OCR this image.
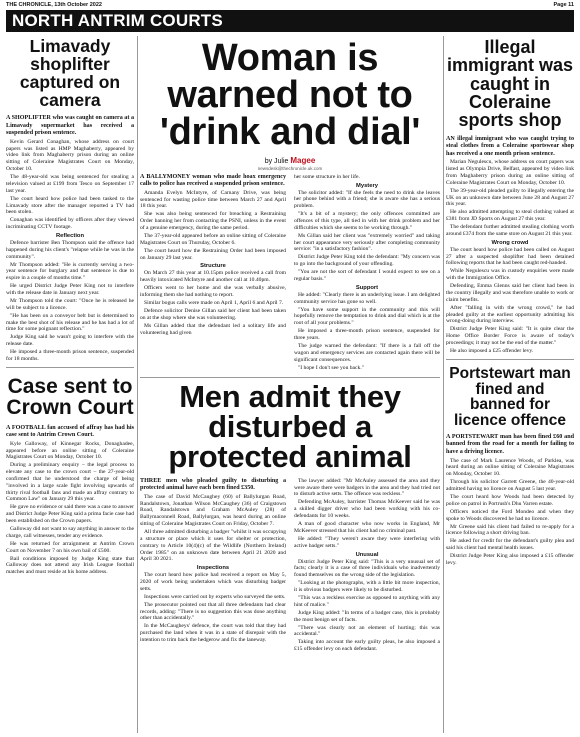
THE CHRONICLE, 13th October 2022	Page 11
NORTH ANTRIM COURTS
Limavady shoplifter captured on camera

A SHOPLIFTER who was caught on camera at a Limavady supermarket has received a suspended prison sentence.

Kevin Gerard Conaghan, whose address on court papers was listed as HMP Maghaberry, appeared by video link from Maghaberry prison during an online sitting of Coleraine Magistrates Court on Monday, October 10.

The 48-year-old was being sentenced for stealing a television valued at £199 from Tesco on September 17 last year.

The court heard how police had been tasked to the Limavady store after the manager reported a TV had been stolen.

Conaghan was identified by officers after they viewed incriminating CCTV footage.

Reflection

Defence barrister Ben Thompson said the offence had happened during his client's "relapse while he was in the community".

Mr Thompson added: "He is currently serving a two-year sentence for burglary and that sentence is due to expire in a couple of months time."

He urged District Judge Peter King not to interfere with the release date in January next year.

Mr Thompson told the court: "Once he is released he will be subject to a licence.

"He has been on a conveyor belt but is determined to make the best shot of his release and he has had a lot of time for some poignant reflection."

Judge King said he wasn't going to interfere with the release date.

He imposed a three-month prison sentence, suspended for 18 months.

Case sent to Crown Court

A FOOTBALL fan accused of affray has had his case sent to Antrim Crown Court.

Kyle Galloway, of Kinnegar Rocks, Donaghadee, appeared before an online sitting of Coleraine Magistrates Court on Monday, October 10.

During a preliminary enquiry – the legal process to elevate any case to the crown court – the 27-year-old confirmed that he understood the charge of being "involved in a large scale fight involving upwards of thirty rival football fans and made an affray contrary to Common Law" on January 29 this year.

He gave no evidence or said there was a case to answer and District Judge Peter King said a prima facie case had been established on the Crown papers.

Galloway did not want to say anything in answer to the charge, call witnesses, tender any evidence.

He was returned for arraignment at Antrim Crown Court on November 7 on his own bail of £500.

Bail conditions imposed by Judge King state that Galloway does not attend any Irish League football matches and must reside at his home address.

Woman is warned not to 'drink and dial'
by Julie Magee
newsdesk@thechronicle.uk.com

A BALLYMONEY woman who made hoax emergency calls to police has received a suspended prison sentence.

Amanda Evelyn McIntyre, of Carnany Drive, was being sentenced for wasting police time between March 27 and April 18 this year.

She was also being sentenced for breaching a Restraining Order banning her from contacting the PSNI, unless in the event of a genuine emergency, during the same period.

The 37-year-old appeared before an online sitting of Coleraine Magistrates Court on Thursday, October 6.

The court heard how the Restraining Order had been imposed on January 29 last year.

Structure

On March 27 this year at 10.15pm police received a call from heavily intoxicated McIntyre and another call at 10.40pm.

Officers went to her home and she was verbally abusive, informing them she had nothing to report.

Similar bogus calls were made on April 1, April 6 and April 7.

Defence solicitor Denise Gillan said her client had been taken on at the shop where she was volunteering.

Ms Gillan added that the defendant led a solitary life and volunteering had given

her some structure in her life.

Mystery

The solicitor added: "If she feels the need to drink she leaves her phone behind with a friend; she is aware she has a serious problem.

"It's a bit of a mystery; the only offences committed are offences of this type, all tied in with her drink problem and her difficulties which she seems to be working through."

Ms Gillan said her client was "extremely worried" and taking her court appearance very seriously after completing community service: "in a satisfactory fashion".

District Judge Peter King told the defendant: "My concern was to go into the background of your offending.

"You are not the sort of defendant I would expect to see on a regular basis."

Support

He added: "Clearly there is an underlying issue. I am delighted community service has gone so well.

"You have some support in the community and this will hopefully remove the temptation to drink and dial which is at the root of all your problems."

He imposed a three-month prison sentence, suspended for three years.

The judge warned the defendant: "If there is a fall off the wagon and emergency services are contacted again there will be significant consequences.

"I hope I don't see you back."

Men admit they disturbed a protected animal

THREE men who pleaded guilty to disturbing a protected animal have each been fined £350.

The case of David McCaughey (60) of Ballylurgan Road, Randalstown, Jonathan Wilson McCaughey (36) of Craigstown Road, Randalstown and Graham McAuley (28) of Ballymaconnell Road, Ballylurgan, was heard during an online sitting of Coleraine Magistrates Court on Friday, October 7.

All three admitted disturbing a badger "whilst it was occupying a structure or place which it uses for shelter or protection, contrary to Article 10(4)(c) of the Wildlife (Northern Ireland) Order 1985" on an unknown date between April 21 2020 and April 30 2021.

Inspections

The court heard how police had received a report on May 5, 2020 of work being undertaken which was disturbing badger setts.

Inspections were carried out by experts who surveyed the setts.

The prosecutor pointed out that all three defendants had clear records, adding: "There is no suggestion this was done anything other than accidentally."

In the McCaugheys' defence, the court was told that they had purchased the land when it was in a state of disrepair with the intention to trim back the hedgerow and fix the laneway.

The lawyer added: "Mr McAuley assessed the area and they were aware there were badgers in the area and they had tried not to disturb active setts. The offence was reckless."

Defending McAuley, barrister Thomas McKeever said he was a skilled digger driver who had been working with his co-defendants for 10 weeks.

A man of good character who now works in England, Mr McKeever stressed that his client had no criminal past.

He added: "They weren't aware they were interfering with active badger setts."

Unusual

District Judge Peter King said: "This is a very unusual set of facts; clearly it is a case of three individuals who inadvertently found themselves on the wrong side of the legislation.

"Looking at the photographs, with a little bit more inspection, it is obvious badgers were likely to be disturbed.

"This was a reckless exercise as opposed to anything with any hint of malice."

Judge King added: "In terms of a badger case, this is probably the most benign set of facts.

"There was clearly not an element of hurting; this was accidental."

Taking into account the early guilty pleas, he also imposed a £15 offender levy on each defendant.

Illegal immigrant was caught in Coleraine sports shop

AN illegal immigrant who was caught trying to steal clothes from a Coleraine sportswear shop has received a one month prison sentence.

Marian Negulescu, whose address on court papers was listed as Olympia Drive, Belfast, appeared by video link from Maghaberry prison during an online sitting of Coleraine Magistrates Court on Monday, October 10.

The 39-year-old pleaded guilty to illegally entering the UK on an unknown date between June 28 and August 27 this year.

He also admitted attempting to steal clothing valued at £381 from JD Sports on August 27 this year.

The defendant further admitted stealing clothing worth around £374 from the same store on August 21 this year.

Wrong crowd

The court heard how police had been called on August 27 after a suspected shoplifter had been detained following reports that he had been caught red-handed.

While Negulescu was in custody enquiries were made with the Immigration Office.

Defending, Emma Glenns said her client had been in the country illegally and was therefore unable to work or claim benefits.

After "falling in with the wrong crowd," he had pleaded guilty at the earliest opportunity admitting his wrong-doing during interview.

District Judge Peter King said: "It is quite clear the Home Office Border Force is aware of today's proceedings; it may not be the end of the matter."

He also imposed a £25 offender levy.

Portstewart man fined and banned for licence offence

A PORTSTEWART man has been fined £60 and banned from the road for a month for failing to have a driving licence.

The case of Mark Laurence Woods, of Parklea, was heard during an online sitting of Coleraine Magistrates on Monday, October 10.

Through his solicitor Garrett Greene, the 40-year-old admitted having no licence on August 5 last year.

The court heard how Woods had been detected by police on patrol in Portrush's Dhu Varren estate.

Officers noticed the Ford Mondeo and when they spoke to Woods discovered he had no licence.

Mr Greene said his client had failed to re-apply for a licence following a short driving ban.

He asked for credit for the defendant's guilty plea and said his client had mental health issues.

District Judge Peter King also imposed a £15 offender levy.
